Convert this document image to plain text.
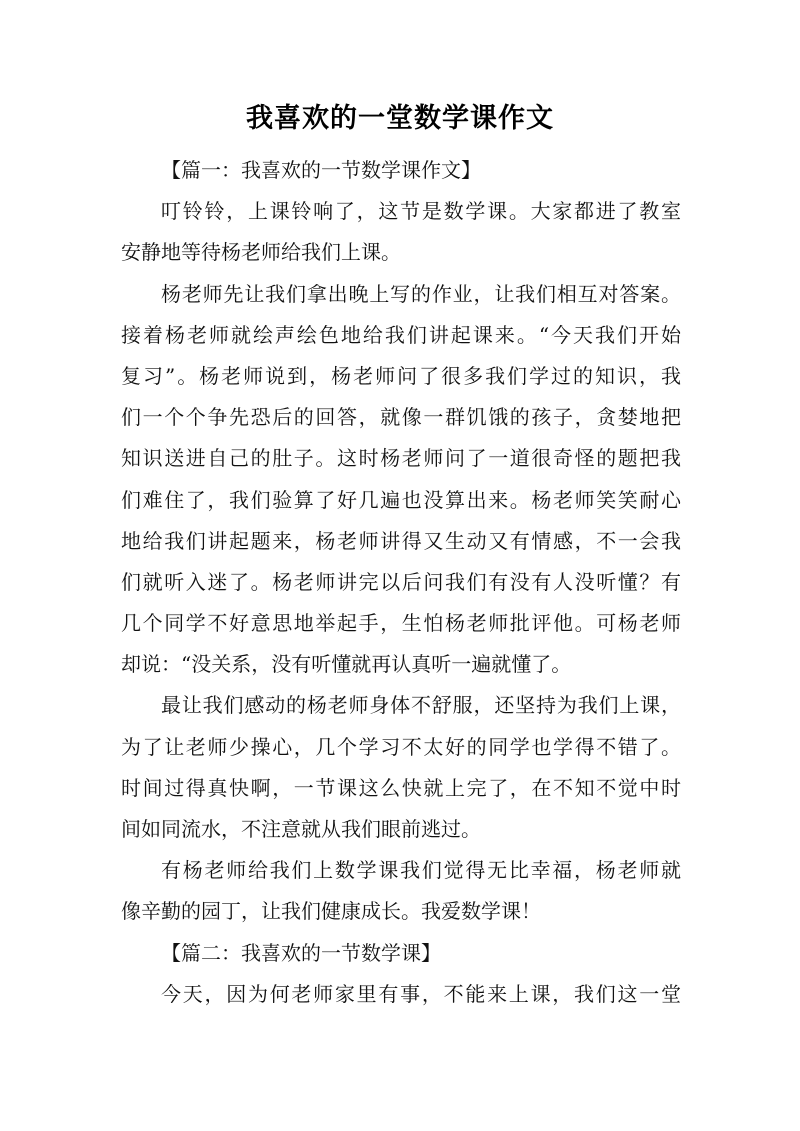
我喜欢的一堂数学课作文
【篇一：我喜欢的一节数学课作文】
叮铃铃，上课铃响了，这节是数学课。大家都进了教室
安静地等待杨老师给我们上课。
杨老师先让我们拿出晚上写的作业，让我们相互对答案。
接着杨老师就绘声绘色地给我们讲起课来。“今天我们开始
复习”。杨老师说到，杨老师问了很多我们学过的知识，我
们一个个争先恐后的回答，就像一群饥饿的孩子，贪婪地把
知识送进自己的肚子。这时杨老师问了一道很奇怪的题把我
们难住了，我们验算了好几遍也没算出来。杨老师笑笑耐心
地给我们讲起题来，杨老师讲得又生动又有情感，不一会我
们就听入迷了。杨老师讲完以后问我们有没有人没听懂？有
几个同学不好意思地举起手，生怕杨老师批评他。可杨老师
却说：“没关系，没有听懂就再认真听一遍就懂了。
最让我们感动的杨老师身体不舒服，还坚持为我们上课，
为了让老师少操心，几个学习不太好的同学也学得不错了。
时间过得真快啊，一节课这么快就上完了，在不知不觉中时
间如同流水，不注意就从我们眼前逃过。
有杨老师给我们上数学课我们觉得无比幸福，杨老师就
像辛勤的园丁，让我们健康成长。我爱数学课！
【篇二：我喜欢的一节数学课】
今天，因为何老师家里有事，不能来上课，我们这一堂
